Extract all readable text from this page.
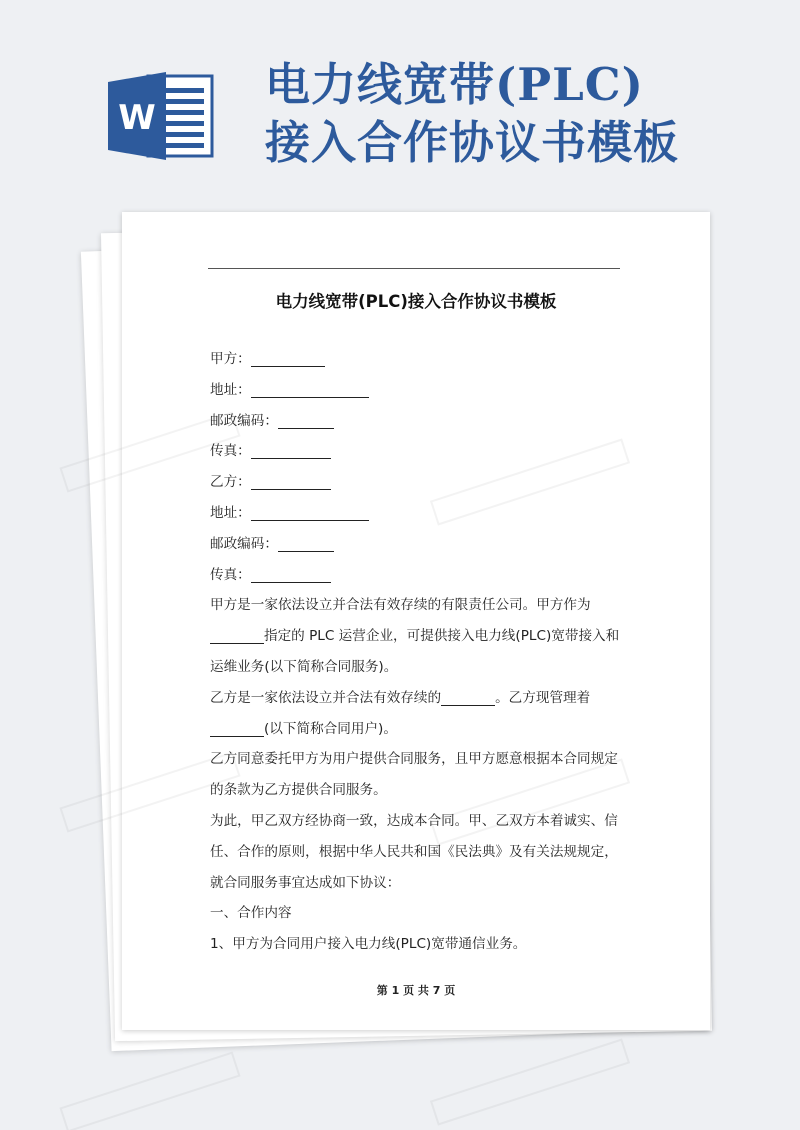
W
电力线宽带(PLC)
接入合作协议书模板
电力线宽带(PLC)接入合作协议书模板
甲方：
地址：
邮政编码：
传真：
乙方：
地址：
邮政编码：
传真：
甲方是一家依法设立并合法有效存续的有限责任公司。甲方作为
指定的 PLC 运营企业，可提供接入电力线(PLC)宽带接入和
运维业务(以下简称合同服务)。
乙方是一家依法设立并合法有效存续的	。乙方现管理着
(以下简称合同用户)。
乙方同意委托甲方为用户提供合同服务，且甲方愿意根据本合同规定
的条款为乙方提供合同服务。
为此，甲乙双方经协商一致，达成本合同。甲、乙双方本着诚实、信
任、合作的原则，根据中华人民共和国《民法典》及有关法规规定，
就合同服务事宜达成如下协议：
一、合作内容
1、甲方为合同用户接入电力线(PLC)宽带通信业务。
第 1 页 共 7 页
